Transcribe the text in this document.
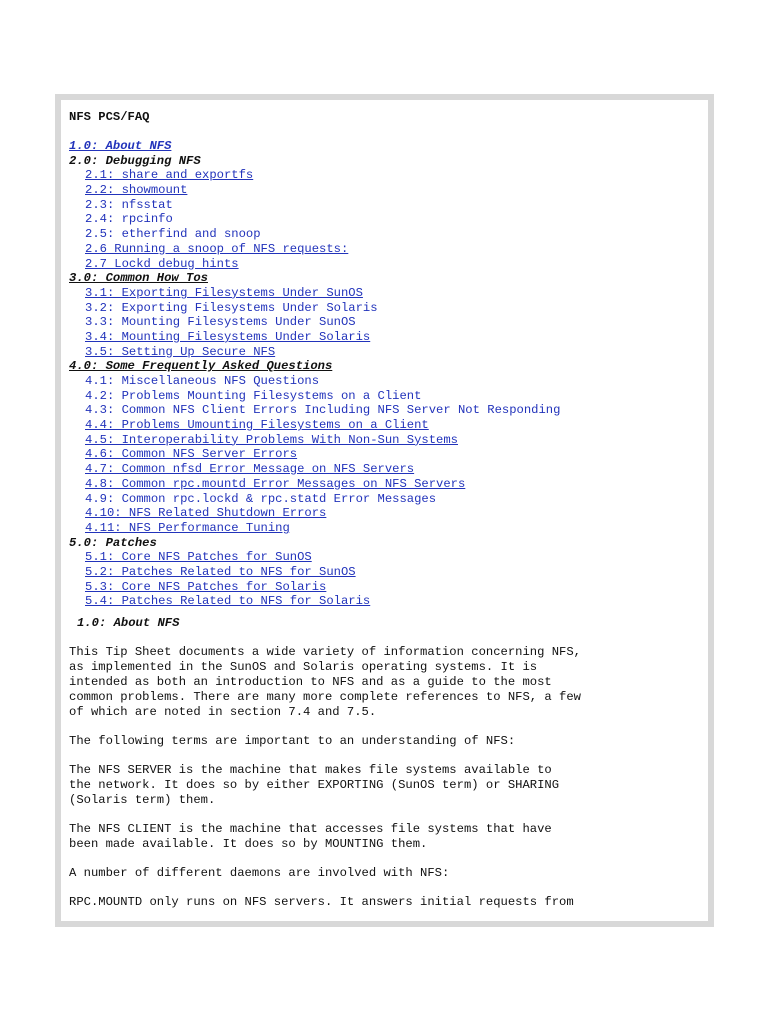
NFS PCS/FAQ
1.0: About NFS
2.0: Debugging NFS
2.1: share and exportfs
2.2: showmount
2.3: nfsstat
2.4: rpcinfo
2.5: etherfind and snoop
2.6 Running a snoop of NFS requests:
2.7 Lockd debug hints
3.0: Common How Tos
3.1: Exporting Filesystems Under SunOS
3.2: Exporting Filesystems Under Solaris
3.3: Mounting Filesystems Under SunOS
3.4: Mounting Filesystems Under Solaris
3.5: Setting Up Secure NFS
4.0: Some Frequently Asked Questions
4.1: Miscellaneous NFS Questions
4.2: Problems Mounting Filesystems on a Client
4.3: Common NFS Client Errors Including NFS Server Not Responding
4.4: Problems Umounting Filesystems on a Client
4.5: Interoperability Problems With Non-Sun Systems
4.6: Common NFS Server Errors
4.7: Common nfsd Error Message on NFS Servers
4.8: Common rpc.mountd Error Messages on NFS Servers
4.9: Common rpc.lockd & rpc.statd Error Messages
4.10: NFS Related Shutdown Errors
4.11: NFS Performance Tuning
5.0: Patches
5.1: Core NFS Patches for SunOS
5.2: Patches Related to NFS for SunOS
5.3: Core NFS Patches for Solaris
5.4: Patches Related to NFS for Solaris
1.0: About NFS

This Tip Sheet documents a wide variety of information concerning NFS,
as implemented in the SunOS and Solaris operating systems. It is
intended as both an introduction to NFS and as a guide to the most
common problems. There are many more complete references to NFS, a few
of which are noted in section 7.4 and 7.5.

The following terms are important to an understanding of NFS:

The NFS SERVER is the machine that makes file systems available to
the network. It does so by either EXPORTING (SunOS term) or SHARING
(Solaris term) them.

The NFS CLIENT is the machine that accesses file systems that have
been made available. It does so by MOUNTING them.

A number of different daemons are involved with NFS:

RPC.MOUNTD only runs on NFS servers. It answers initial requests from
